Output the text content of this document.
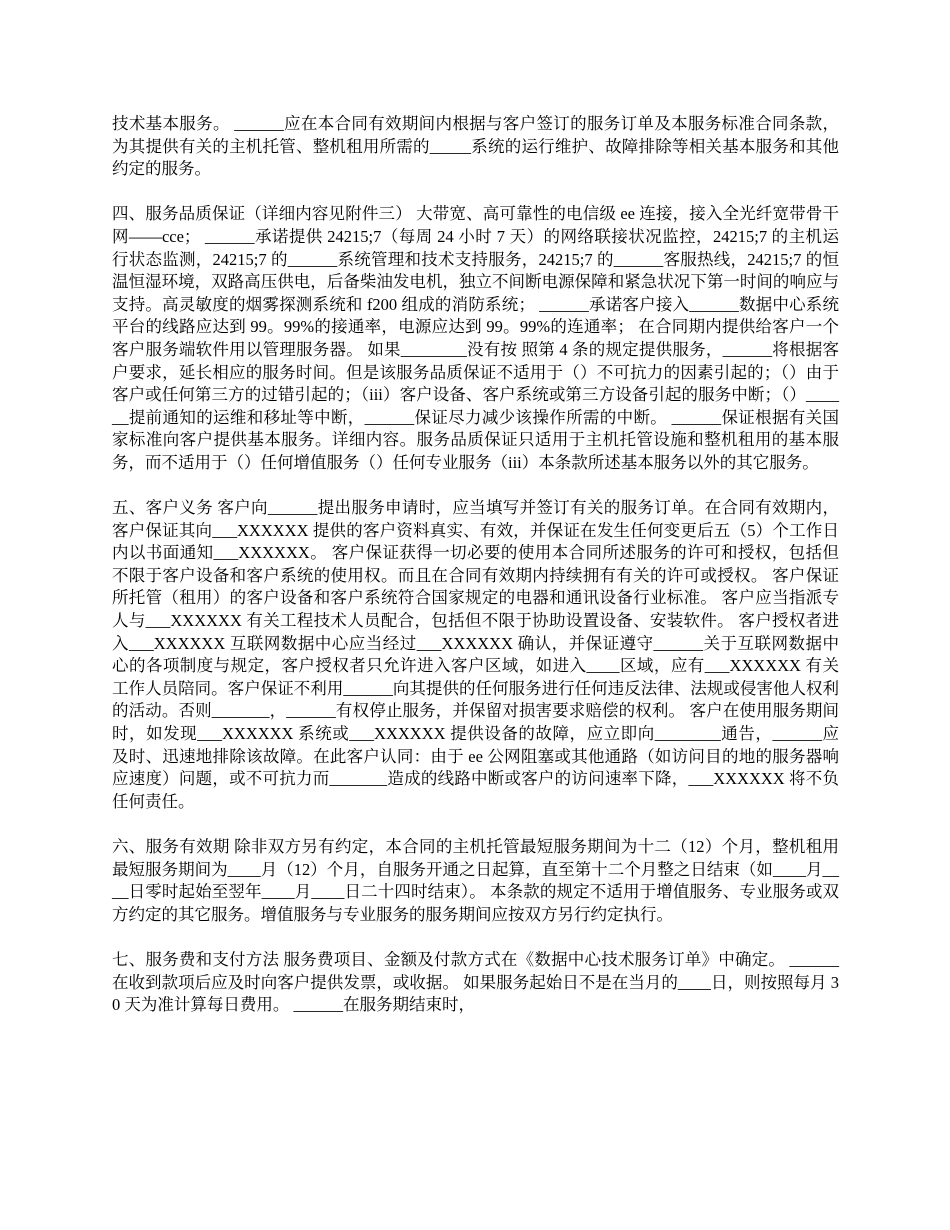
技术基本服务。 ______应在本合同有效期间内根据与客户签订的服务订单及本服务标准合同条款，为其提供有关的主机托管、整机租用所需的_____系统的运行维护、故障排除等相关基本服务和其他约定的服务。

四、服务品质保证（详细内容见附件三） 大带宽、高可靠性的电信级 ee 连接，接入全光纤宽带骨干网——cce； ______承诺提供 24215;7（每周 24 小时 7 天）的网络联接状况监控，24215;7 的主机运行状态监测，24215;7 的______系统管理和技术支持服务，24215;7 的______客服热线，24215;7 的恒温恒湿环境，双路高压供电，后备柴油发电机，独立不间断电源保障和紧急状况下第一时间的响应与支持。高灵敏度的烟雾探测系统和 f200 组成的消防系统； ______承诺客户接入______数据中心系统平台的线路应达到 99。99%的接通率，电源应达到 99。99%的连通率； 在合同期内提供给客户一个客户服务端软件用以管理服务器。 如果________没有按 照第 4 条的规定提供服务，______将根据客户要求，延长相应的服务时间。但是该服务品质保证不适用于（）不可抗力的因素引起的；（）由于客户或任何第三方的过错引起的；（iii）客户设备、客户系统或第三方设备引起的服务中断；（）______提前通知的运维和移址等中断，______保证尽力减少该操作所需的中断。 ______保证根据有关国家标准向客户提供基本服务。详细内容。服务品质保证只适用于主机托管设施和整机租用的基本服务，而不适用于（）任何增值服务（）任何专业服务（iii）本条款所述基本服务以外的其它服务。

五、客户义务 客户向______提出服务申请时，应当填写并签订有关的服务订单。在合同有效期内，客户保证其向___XXXXXX 提供的客户资料真实、有效，并保证在发生任何变更后五（5）个工作日内以书面通知___XXXXXX。 客户保证获得一切必要的使用本合同所述服务的许可和授权，包括但不限于客户设备和客户系统的使用权。而且在合同有效期内持续拥有有关的许可或授权。 客户保证所托管（租用）的客户设备和客户系统符合国家规定的电器和通讯设备行业标准。 客户应当指派专人与___XXXXXX 有关工程技术人员配合，包括但不限于协助设置设备、安装软件。 客户授权者进入___XXXXXX 互联网数据中心应当经过___XXXXXX 确认，并保证遵守______关于互联网数据中心的各项制度与规定，客户授权者只允许进入客户区域，如进入____区域，应有___XXXXXX 有关工作人员陪同。客户保证不利用______向其提供的任何服务进行任何违反法律、法规或侵害他人权利的活动。否则_______，______有权停止服务，并保留对损害要求赔偿的权利。 客户在使用服务期间时，如发现___XXXXXX 系统或___XXXXXX 提供设备的故障，应立即向________通告，______应及时、迅速地排除该故障。在此客户认同：由于 ee 公网阻塞或其他通路（如访问目的地的服务器响应速度）问题，或不可抗力而_______造成的线路中断或客户的访问速率下降，___XXXXXX 将不负任何责任。

六、服务有效期 除非双方另有约定，本合同的主机托管最短服务期间为十二（12）个月，整机租用最短服务期间为____月（12）个月，自服务开通之日起算，直至第十二个月整之日结束（如____月____日零时起始至翌年____月____日二十四时结束）。 本条款的规定不适用于增值服务、专业服务或双方约定的其它服务。增值服务与专业服务的服务期间应按双方另行约定执行。

七、服务费和支付方法 服务费项目、金额及付款方式在《数据中心技术服务订单》中确定。 ______在收到款项后应及时向客户提供发票，或收据。 如果服务起始日不是在当月的____日，则按照每月 30 天为准计算每日费用。 ______在服务期结束时，
